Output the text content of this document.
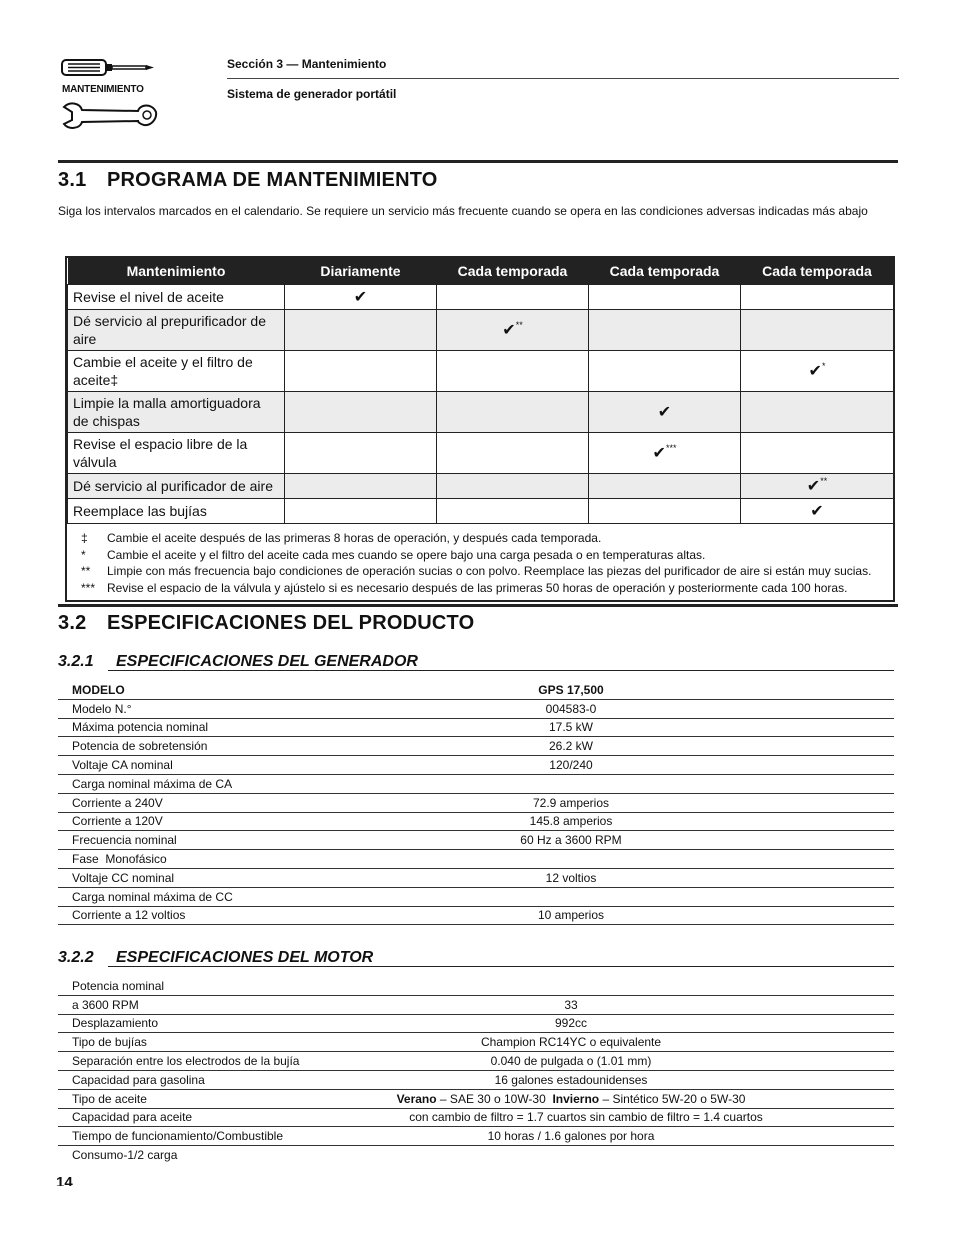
MANTENIMIENTO
Sección 3 — Mantenimiento
Sistema de generador portátil
3.1 PROGRAMA DE MANTENIMIENTO
Siga los intervalos marcados en el calendario. Se requiere un servicio más frecuente cuando se opera en las condiciones adversas indicadas más abajo
Mantenimiento	Diariamente	Cada temporada	Cada temporada	Cada temporada
Revise el nivel de aceite	✔			
Dé servicio al prepurificador de aire		✔**		
Cambie el aceite y el filtro de aceite‡				✔*
Limpie la malla amortiguadora de chispas			✔	
Revise el espacio libre de la válvula			✔***	
Dé servicio al purificador de aire				✔**
Reemplace las bujías				✔
‡	Cambie el aceite después de las primeras 8 horas de operación, y después cada temporada.
*	Cambie el aceite y el filtro del aceite cada mes cuando se opere bajo una carga pesada o en temperaturas altas.
**	Limpie con más frecuencia bajo condiciones de operación sucias o con polvo. Reemplace las piezas del purificador de aire si están muy sucias.
*** Revise el espacio de la válvula y ajústelo si es necesario después de las primeras 50 horas de operación y posteriormente cada 100 horas.
3.2 ESPECIFICACIONES DEL PRODUCTO
3.2.1 ESPECIFICACIONES DEL GENERADOR
MODELO	GPS 17,500	
Modelo N.°	004583-0	
Máxima potencia nominal	17.5 kW	
Potencia de sobretensión	26.2 kW	
Voltaje CA nominal	120/240	
Carga nominal máxima de CA		
Corriente a 240V	72.9 amperios	
Corriente a 120V	145.8 amperios	
Frecuencia nominal	60 Hz a 3600 RPM	
Fase  Monofásico		
Voltaje CC nominal	12 voltios	
Carga nominal máxima de CC		
Corriente a 12 voltios	10 amperios	
3.2.2 ESPECIFICACIONES DEL MOTOR
Potencia nominal		
a 3600 RPM	33	
Desplazamiento	992cc	
Tipo de bujías	Champion RC14YC o equivalente	
Separación entre los electrodos de la bujía	0.040 de pulgada o (1.01 mm)	
Capacidad para gasolina	16 galones estadounidenses	
Tipo de aceite	Verano – SAE 30 o 10W-30  Invierno – Sintético 5W-20 o 5W-30	
Capacidad para aceite	con cambio de filtro = 1.7 cuartos sin cambio de filtro = 1.4 cuartos	
Tiempo de funcionamiento/Combustible	10 horas / 1.6 galones por hora	
Consumo-1/2 carga		
14
